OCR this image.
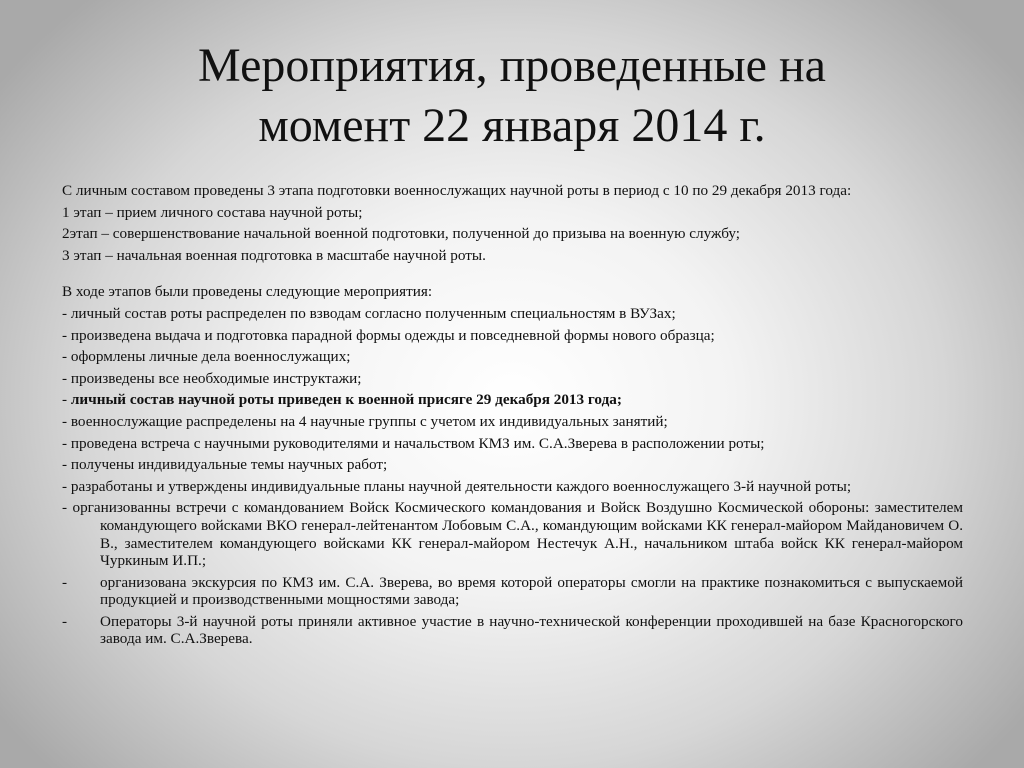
Мероприятия, проведенные на
момент 22 января 2014 г.

С личным составом проведены 3 этапа подготовки военнослужащих научной роты в период с 10 по 29 декабря 2013 года:

1 этап – прием личного состава научной роты;

2этап – совершенствование начальной военной подготовки, полученной до призыва на военную службу;

3 этап – начальная военная подготовка в масштабе научной роты.

В ходе этапов были проведены следующие мероприятия:

- личный состав роты распределен по взводам согласно полученным специальностям в ВУЗах;

- произведена выдача и подготовка парадной формы одежды и повседневной формы нового образца;

- оформлены личные дела военнослужащих;

- произведены все необходимые инструктажи;

- личный состав научной роты приведен к военной присяге 29 декабря 2013 года;

- военнослужащие распределены на 4 научные группы с учетом их индивидуальных занятий;

- проведена встреча с научными руководителями и начальством КМЗ им. С.А.Зверева в расположении роты;

- получены индивидуальные темы научных работ;

- разработаны и утверждены индивидуальные планы научной деятельности каждого военнослужащего 3-й научной роты;

- организованны встречи с командованием Войск Космического командования и Войск Воздушно Космической обороны: заместителем командующего войсками ВКО генерал-лейтенантом Лобовым С.А., командующим войсками КК генерал-майором Майдановичем О. В., заместителем командующего войсками КК генерал-майором Нестечук А.Н., начальником штаба войск КК генерал-майором Чуркиным И.П.;

-	организована экскурсия по КМЗ им. С.А. Зверева, во время которой операторы смогли на практике познакомиться с выпускаемой продукцией и производственными мощностями завода;
-	Операторы 3-й научной роты приняли активное участие в научно-технической конференции проходившей на базе Красногорского завода им. С.А.Зверева.
